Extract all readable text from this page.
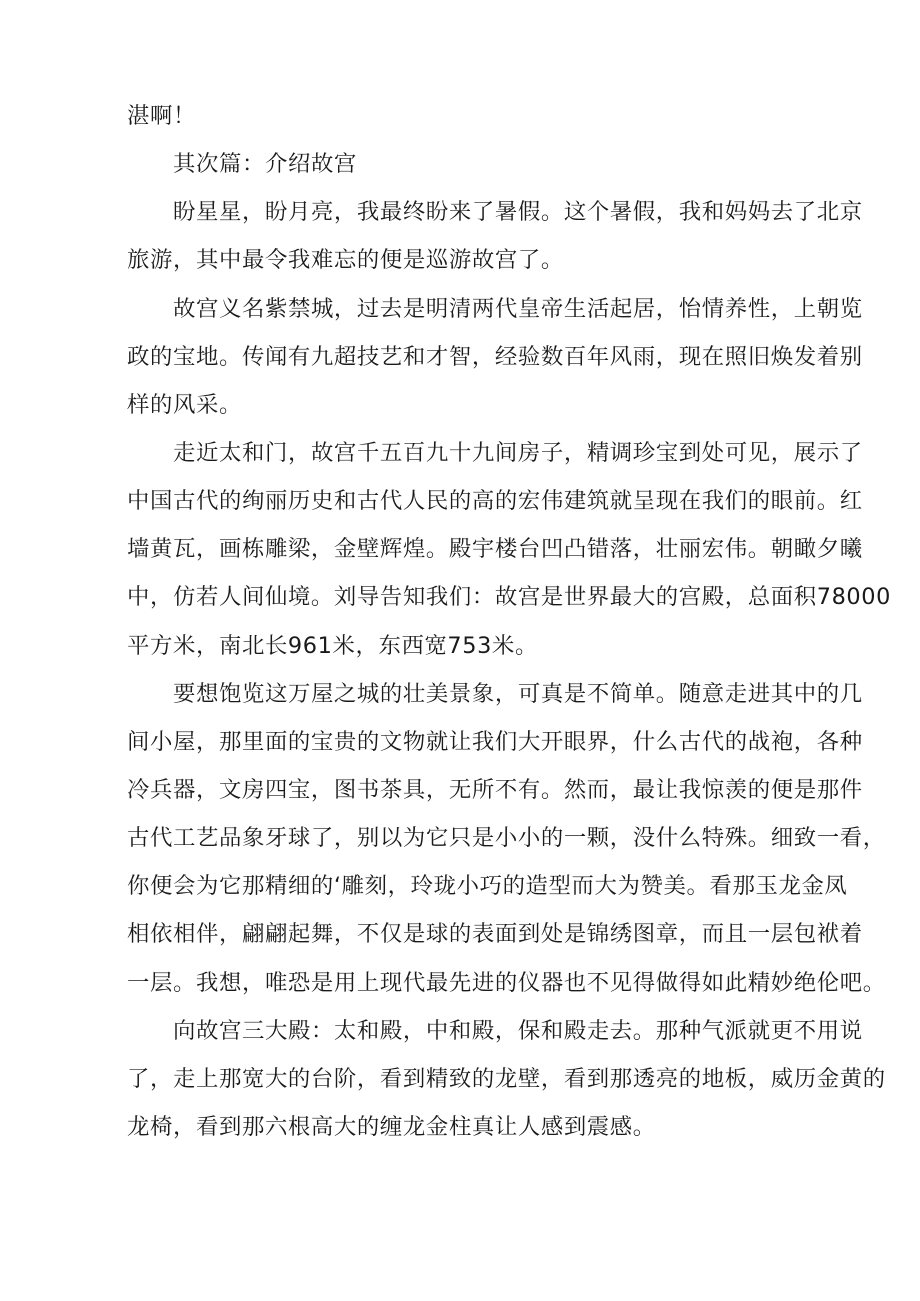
湛啊！
其次篇：介绍故宫
盼星星，盼月亮，我最终盼来了暑假。这个暑假，我和妈妈去了北京
旅游，其中最令我难忘的便是巡游故宫了。
故宫义名紫禁城，过去是明清两代皇帝生活起居，怡情养性，上朝览
政的宝地。传闻有九超技艺和才智，经验数百年风雨，现在照旧焕发着别
样的风采。
走近太和门，故宫千五百九十九间房子，精调珍宝到处可见，展示了
中国古代的绚丽历史和古代人民的高的宏伟建筑就呈现在我们的眼前。红
墙黄瓦，画栋雕梁，金壁辉煌。殿宇楼台凹凸错落，壮丽宏伟。朝瞰夕曦
中，仿若人间仙境。刘导告知我们：故宫是世界最大的宫殿，总面积78000
平方米，南北长961米，东西宽753米。
要想饱览这万屋之城的壮美景象，可真是不简单。随意走进其中的几
间小屋，那里面的宝贵的文物就让我们大开眼界，什么古代的战袍，各种
冷兵器，文房四宝，图书茶具，无所不有。然而，最让我惊羡的便是那件
古代工艺品象牙球了，别以为它只是小小的一颗，没什么特殊。细致一看，
你便会为它那精细的‘雕刻，玲珑小巧的造型而大为赞美。看那玉龙金凤
相依相伴，翩翩起舞，不仅是球的表面到处是锦绣图章，而且一层包袱着
一层。我想，唯恐是用上现代最先进的仪器也不见得做得如此精妙绝伦吧。
向故宫三大殿：太和殿，中和殿，保和殿走去。那种气派就更不用说
了，走上那宽大的台阶，看到精致的龙壁，看到那透亮的地板，威历金黄的
龙椅，看到那六根高大的缠龙金柱真让人感到震感。
